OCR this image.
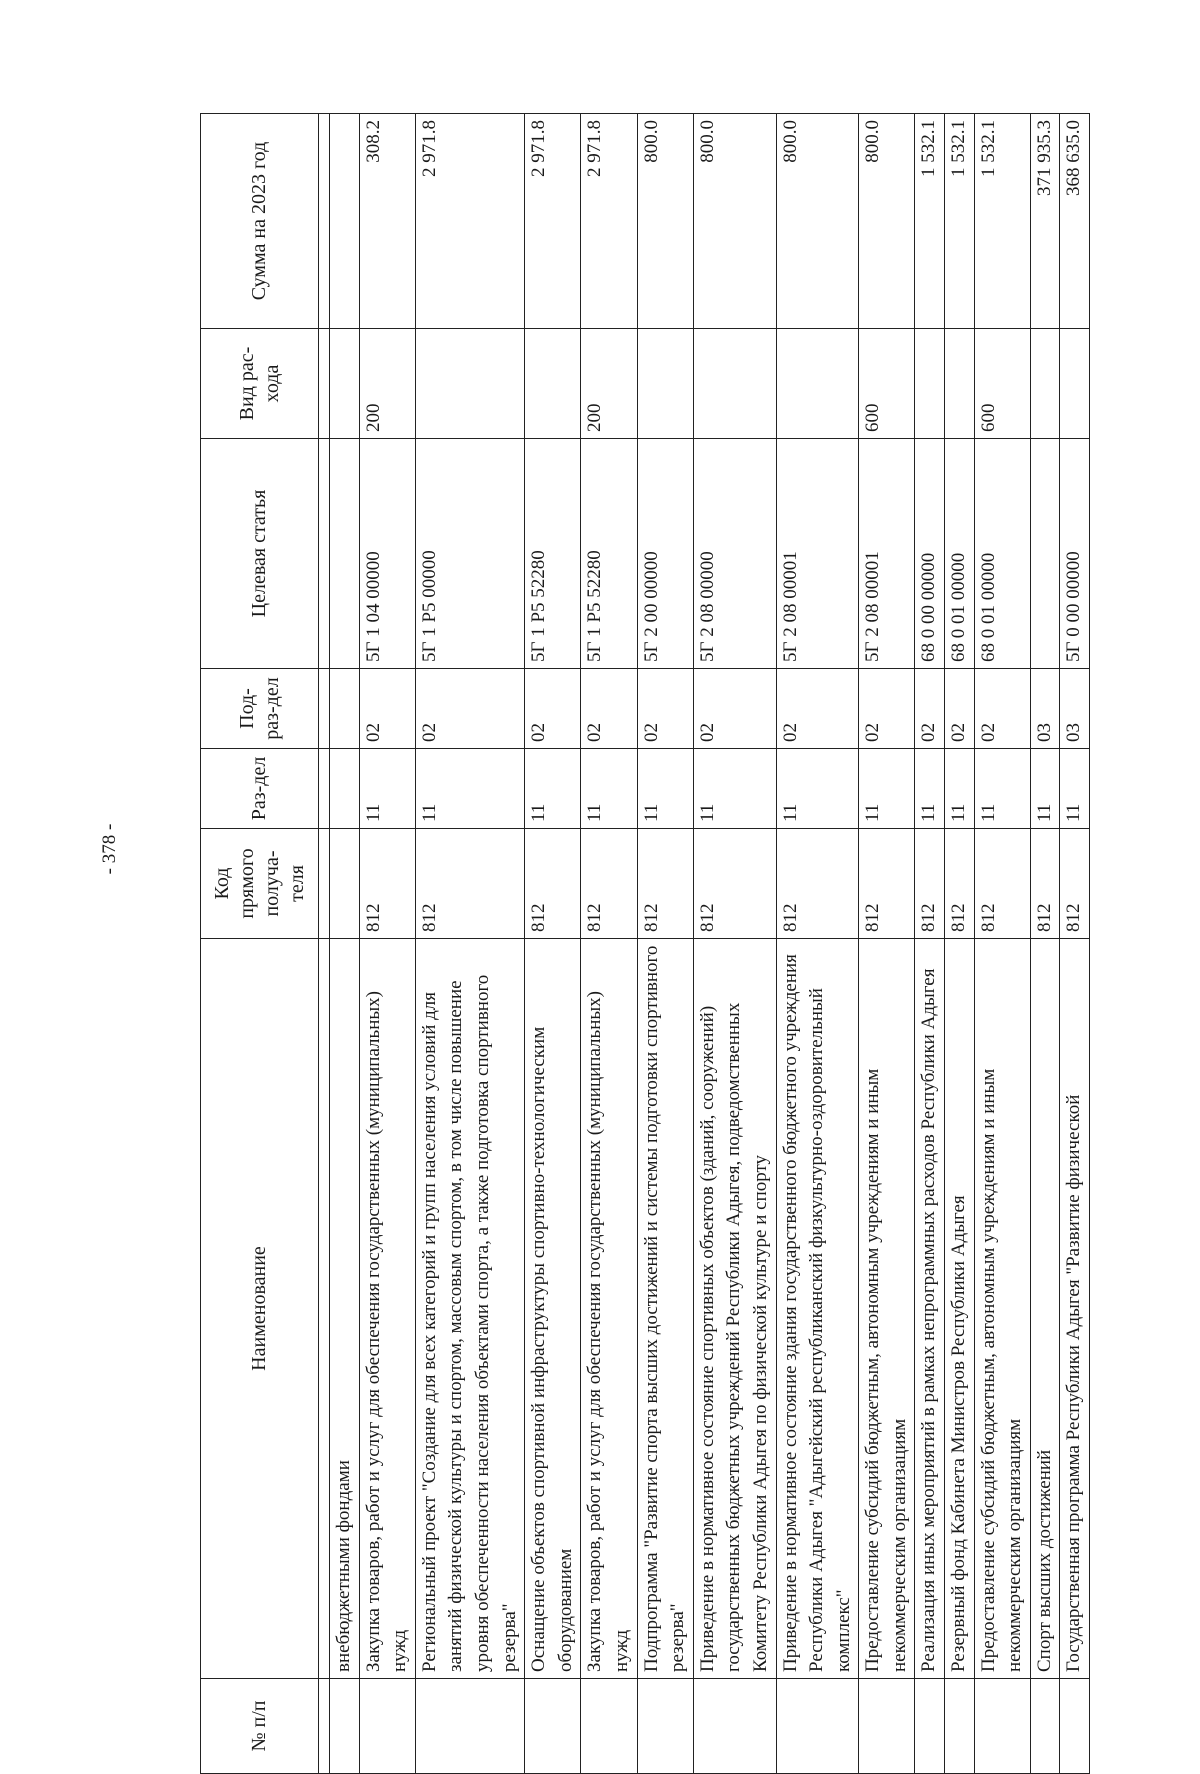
- 378 -
№ п/п	Наименование	Код прямого получа-теля	Раз-дел	Под-раз-дел	Целевая статья	Вид рас-хода	Сумма на 2023 год

	внебюджетными фондами						
	Закупка товаров, работ и услуг для обеспечения государственных (муниципальных) нужд	812	11	02	5Г 1 04 00000	200	308.2
	Региональный проект "Создание для всех категорий и групп населения условий для занятий физической культуры и спортом, массовым спортом, в том числе повышение уровня обеспеченности населения объектами спорта, а также подготовка спортивного резерва"	812	11	02	5Г 1 P5 00000		2 971.8
	Оснащение объектов спортивной инфраструктуры спортивно-технологическим оборудованием	812	11	02	5Г 1 P5 52280		2 971.8
	Закупка товаров, работ и услуг для обеспечения государственных (муниципальных) нужд	812	11	02	5Г 1 P5 52280	200	2 971.8
	Подпрограмма "Развитие спорта высших достижений и системы подготовки спортивного резерва"	812	11	02	5Г 2 00 00000		800.0
	Приведение в нормативное состояние спортивных объектов (зданий, сооружений) государственных бюджетных учреждений Республики Адыгея, подведомственных Комитету Республики Адыгея по физической культуре и спорту	812	11	02	5Г 2 08 00000		800.0
	Приведение в нормативное состояние здания государственного бюджетного учреждения Республики Адыгея "Адыгейский республиканский физкультурно-оздоровительный комплекс"	812	11	02	5Г 2 08 00001		800.0
	Предоставление субсидий бюджетным, автономным учреждениям и иным некоммерческим организациям	812	11	02	5Г 2 08 00001	600	800.0
	Реализация иных мероприятий в рамках непрограммных расходов Республики Адыгея	812	11	02	68 0 00 00000		1 532.1
	Резервный фонд Кабинета Министров Республики Адыгея	812	11	02	68 0 01 00000		1 532.1
	Предоставление субсидий бюджетным, автономным учреждениям и иным некоммерческим организациям	812	11	02	68 0 01 00000	600	1 532.1
	Спорт высших достижений	812	11	03			371 935.3
	Государственная программа Республики Адыгея "Развитие физической	812	11	03	5Г 0 00 00000		368 635.0
